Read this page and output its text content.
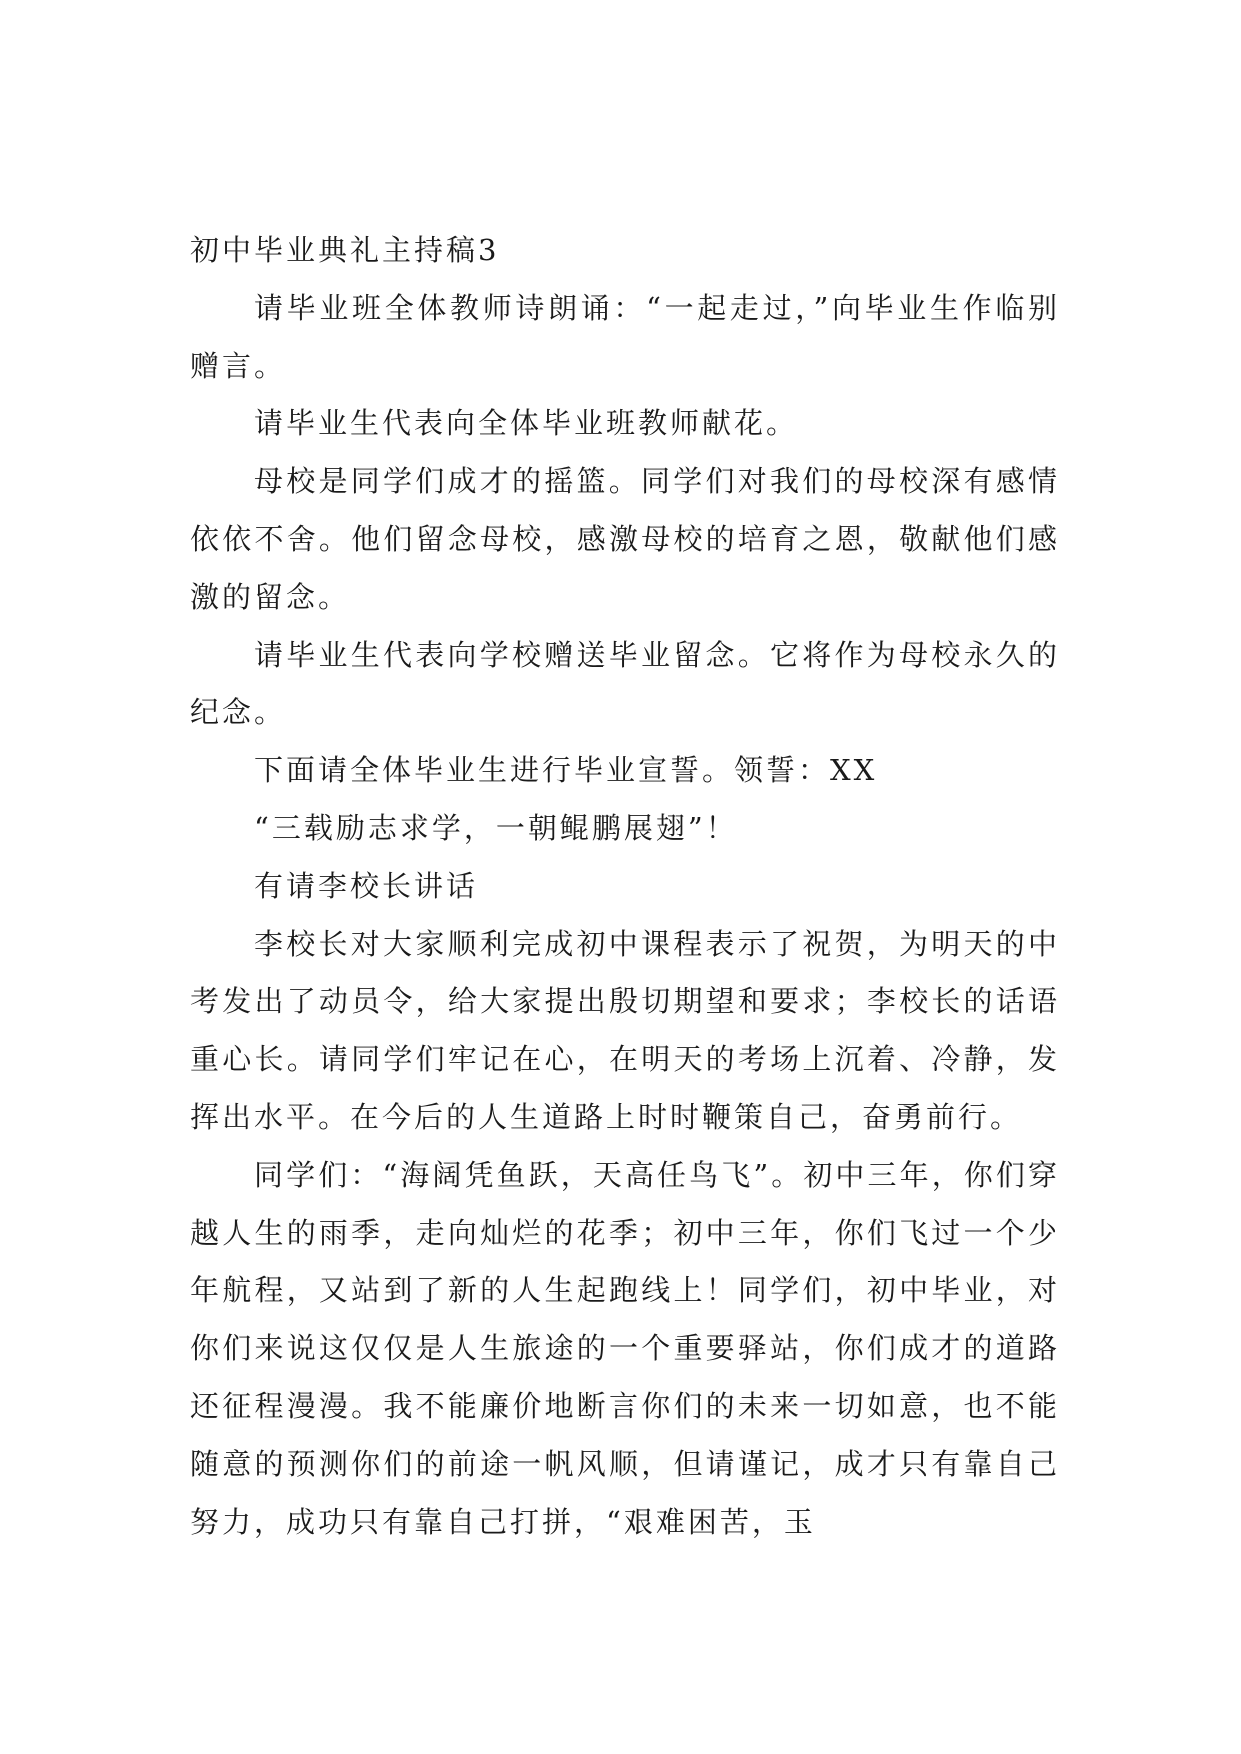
初中毕业典礼主持稿3

请毕业班全体教师诗朗诵：“一起走过，”向毕业生作临别赠言。

请毕业生代表向全体毕业班教师献花。

母校是同学们成才的摇篮。同学们对我们的母校深有感情依依不舍。他们留念母校，感激母校的培育之恩，敬献他们感激的留念。

请毕业生代表向学校赠送毕业留念。它将作为母校永久的纪念。

下面请全体毕业生进行毕业宣誓。领誓：XX

“三载励志求学，一朝鲲鹏展翅”！

有请李校长讲话

李校长对大家顺利完成初中课程表示了祝贺，为明天的中考发出了动员令，给大家提出殷切期望和要求；李校长的话语重心长。请同学们牢记在心，在明天的考场上沉着、冷静，发挥出水平。在今后的人生道路上时时鞭策自己，奋勇前行。

同学们：“海阔凭鱼跃，天高任鸟飞”。初中三年，你们穿越人生的雨季，走向灿烂的花季；初中三年，你们飞过一个少年航程，又站到了新的人生起跑线上！同学们，初中毕业，对你们来说这仅仅是人生旅途的一个重要驿站，你们成才的道路还征程漫漫。我不能廉价地断言你们的未来一切如意，也不能随意的预测你们的前途一帆风顺，但请谨记，成才只有靠自己努力，成功只有靠自己打拼，“艰难困苦，玉
